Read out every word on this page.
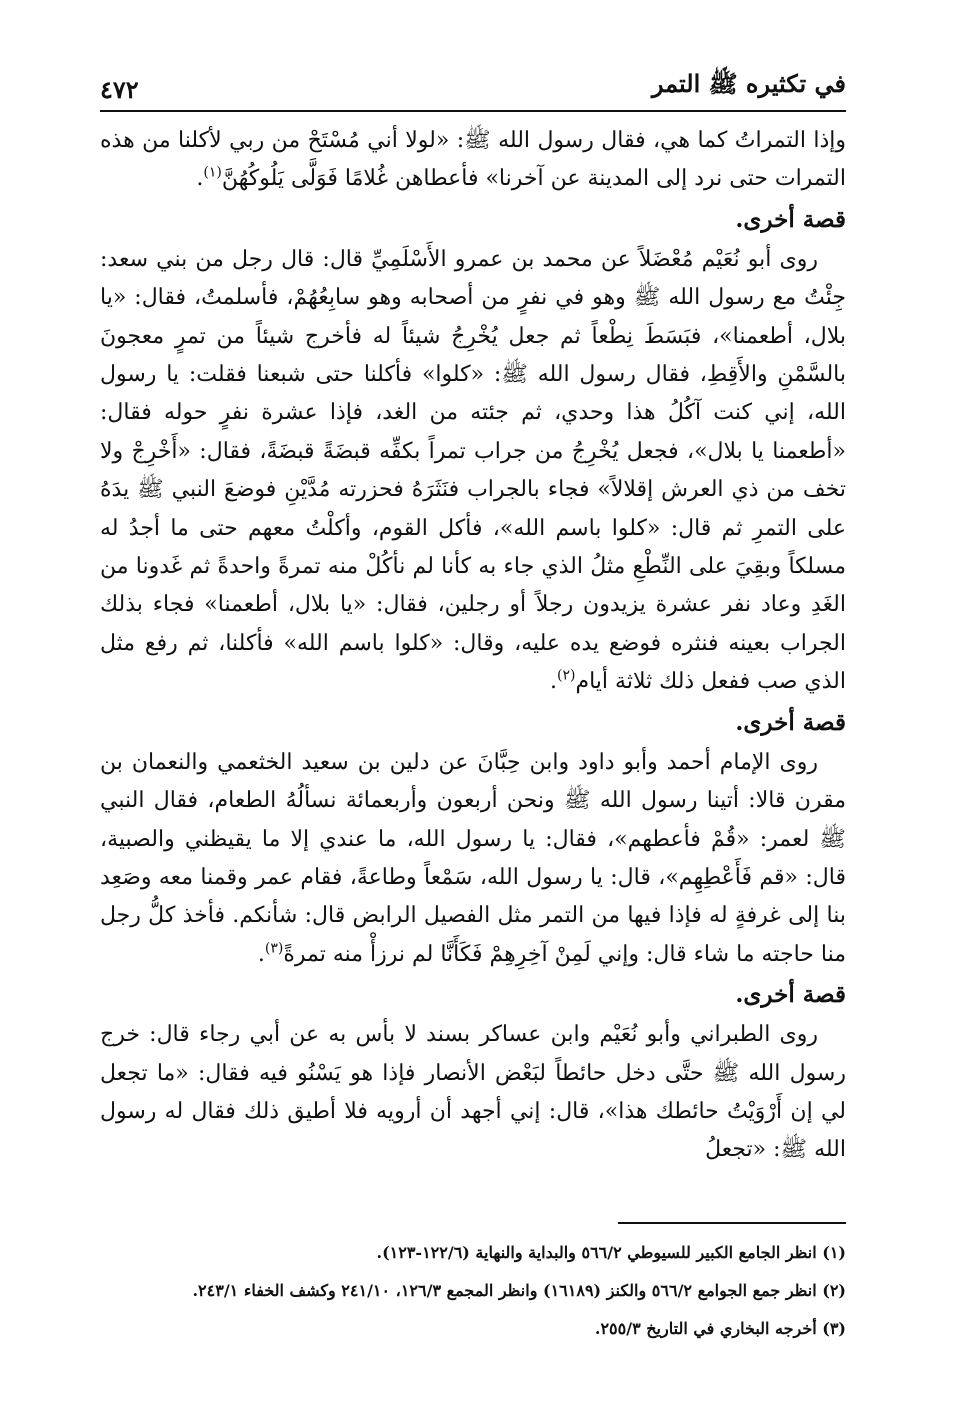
في تكثيره ﷺ التمر
٤٧٢

وإذا التمراتُ كما هي، فقال رسول الله ﷺ: «لولا أني مُسْتَحْ من ربي لأكلنا من هذه التمرات حتى نرد إلى المدينة عن آخرنا» فأعطاهن غُلامًا فَوَلَّى يَلُوكُهُنَّ$^{(١)}$.

قصة أخرى.

روى أبو نُعَيْم مُعْضَلاً عن محمد بن عمرو الأَسْلَمِيِّ قال: قال رجل من بني سعد: جِئْتُ مع رسول الله ﷺ وهو في نفرٍ من أصحابه وهو سابِعُهُمْ، فأسلمتُ، فقال: «يا بلال، أطعمنا»، فبَسَطَ نِطْعاً ثم جعل يُخْرِجُ شيئاً له فأخرج شيئاً من تمرٍ معجونَ بالسَّمْنِ والأَقِطِ، فقال رسول الله ﷺ: «كلوا» فأكلنا حتى شبعنا فقلت: يا رسول الله، إني كنت آكُلُ هذا وحدي، ثم جئته من الغد، فإذا عشرة نفرٍ حوله فقال: «أطعمنا يا بلال»، فجعل يُخْرِجُ من جراب تمراً بكفِّه قبضَةً قبضَةً، فقال: «أَخْرِجْ ولا تخف من ذي العرش إقلالاً» فجاء بالجراب فنَثَرَهُ فحزرته مُدَّيْنِ فوضعَ النبي ﷺ يدَهُ على التمرِ ثم قال: «كلوا باسم الله»، فأكل القوم، وأكلْتُ معهم حتى ما أجدُ له مسلكاً وبقِيَ على النِّطْعِ مثلُ الذي جاء به كأنا لم نأكُلْ منه تمرةً واحدةً ثم غَدونا من الغَدِ وعاد نفر عشرة يزيدون رجلاً أو رجلين، فقال: «يا بلال، أطعمنا» فجاء بذلك الجراب بعينه فنثره فوضع يده عليه، وقال: «كلوا باسم الله» فأكلنا، ثم رفع مثل الذي صب ففعل ذلك ثلاثة أيام$^{(٢)}$.

قصة أخرى.

روى الإمام أحمد وأبو داود وابن حِبَّانَ عن دلين بن سعيد الخثعمي والنعمان بن مقرن قالا: أتينا رسول الله ﷺ ونحن أربعون وأربعمائة نسألُهُ الطعام، فقال النبي ﷺ لعمر: «قُمْ فأعطهم»، فقال: يا رسول الله، ما عندي إلا ما يقيظني والصبية، قال: «قم فَأَعْطِهِم»، قال: يا رسول الله، سَمْعاً وطاعةً، فقام عمر وقمنا معه وصَعِد بنا إلى غرفةٍ له فإذا فيها من التمر مثل الفصيل الرابض قال: شأنكم. فأخذ كلُّ رجل منا حاجته ما شاء قال: وإني لَمِنْ آخِرِهِمْ فَكَأَنَّا لم نرزأْ منه تمرةً$^{(٣)}$.

قصة أخرى.

روى الطبراني وأبو نُعَيْم وابن عساكر بسند لا بأس به عن أبي رجاء قال: خرج رسول الله ﷺ حتَّى دخل حائطاً لبَعْض الأنصار فإذا هو يَسْنُو فيه فقال: «ما تجعل لي إن أَرْوَيْتُ حائطك هذا»، قال: إني أجهد أن أرويه فلا أطيق ذلك فقال له رسول الله ﷺ: «تجعلُ

(١) انظر الجامع الكبير للسيوطي ٥٦٦/٢ والبداية والنهاية (١٢٢/٦-١٢٣).
(٢) انظر جمع الجوامع ٥٦٦/٢ والكنز (١٦١٨٩) وانظر المجمع ١٢٦/٣، ٢٤١/١٠ وكشف الخفاء ٢٤٣/١.
(٣) أخرجه البخاري في التاريخ ٢٥٥/٣.
